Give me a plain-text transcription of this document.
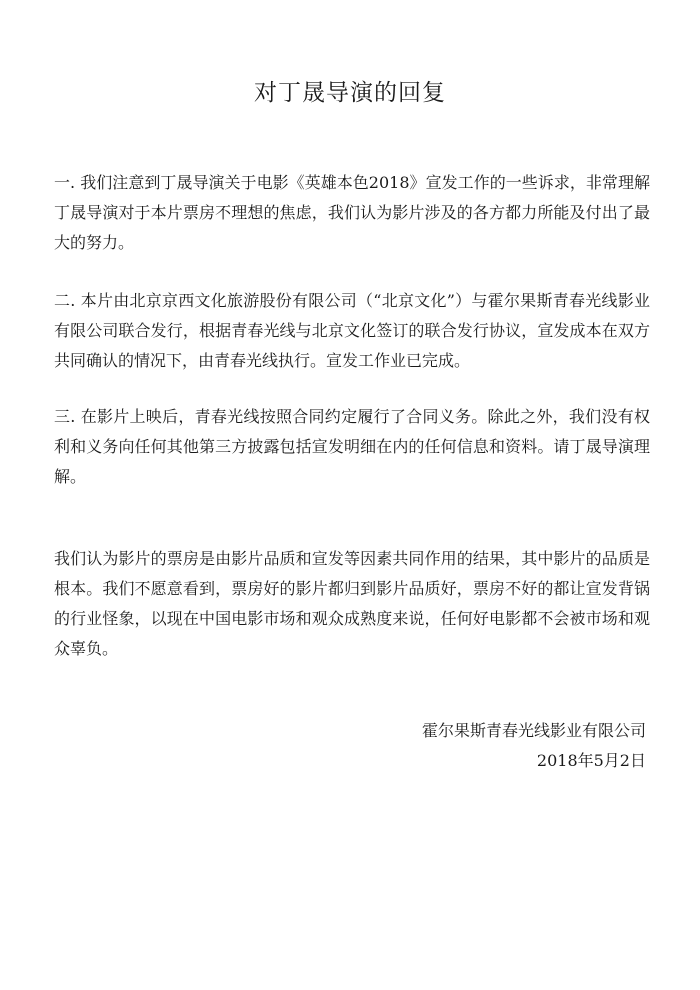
对丁晟导演的回复

一. 我们注意到丁晟导演关于电影《英雄本色2018》宣发工作的一些诉求，非常理解丁晟导演对于本片票房不理想的焦虑，我们认为影片涉及的各方都力所能及付出了最大的努力。

二. 本片由北京京西文化旅游股份有限公司（“北京文化”）与霍尔果斯青春光线影业有限公司联合发行，根据青春光线与北京文化签订的联合发行协议，宣发成本在双方共同确认的情况下，由青春光线执行。宣发工作业已完成。

三. 在影片上映后，青春光线按照合同约定履行了合同义务。除此之外，我们没有权利和义务向任何其他第三方披露包括宣发明细在内的任何信息和资料。请丁晟导演理解。

我们认为影片的票房是由影片品质和宣发等因素共同作用的结果，其中影片的品质是根本。我们不愿意看到，票房好的影片都归到影片品质好，票房不好的都让宣发背锅的行业怪象，以现在中国电影市场和观众成熟度来说，任何好电影都不会被市场和观众辜负。

霍尔果斯青春光线影业有限公司

2018年5月2日
